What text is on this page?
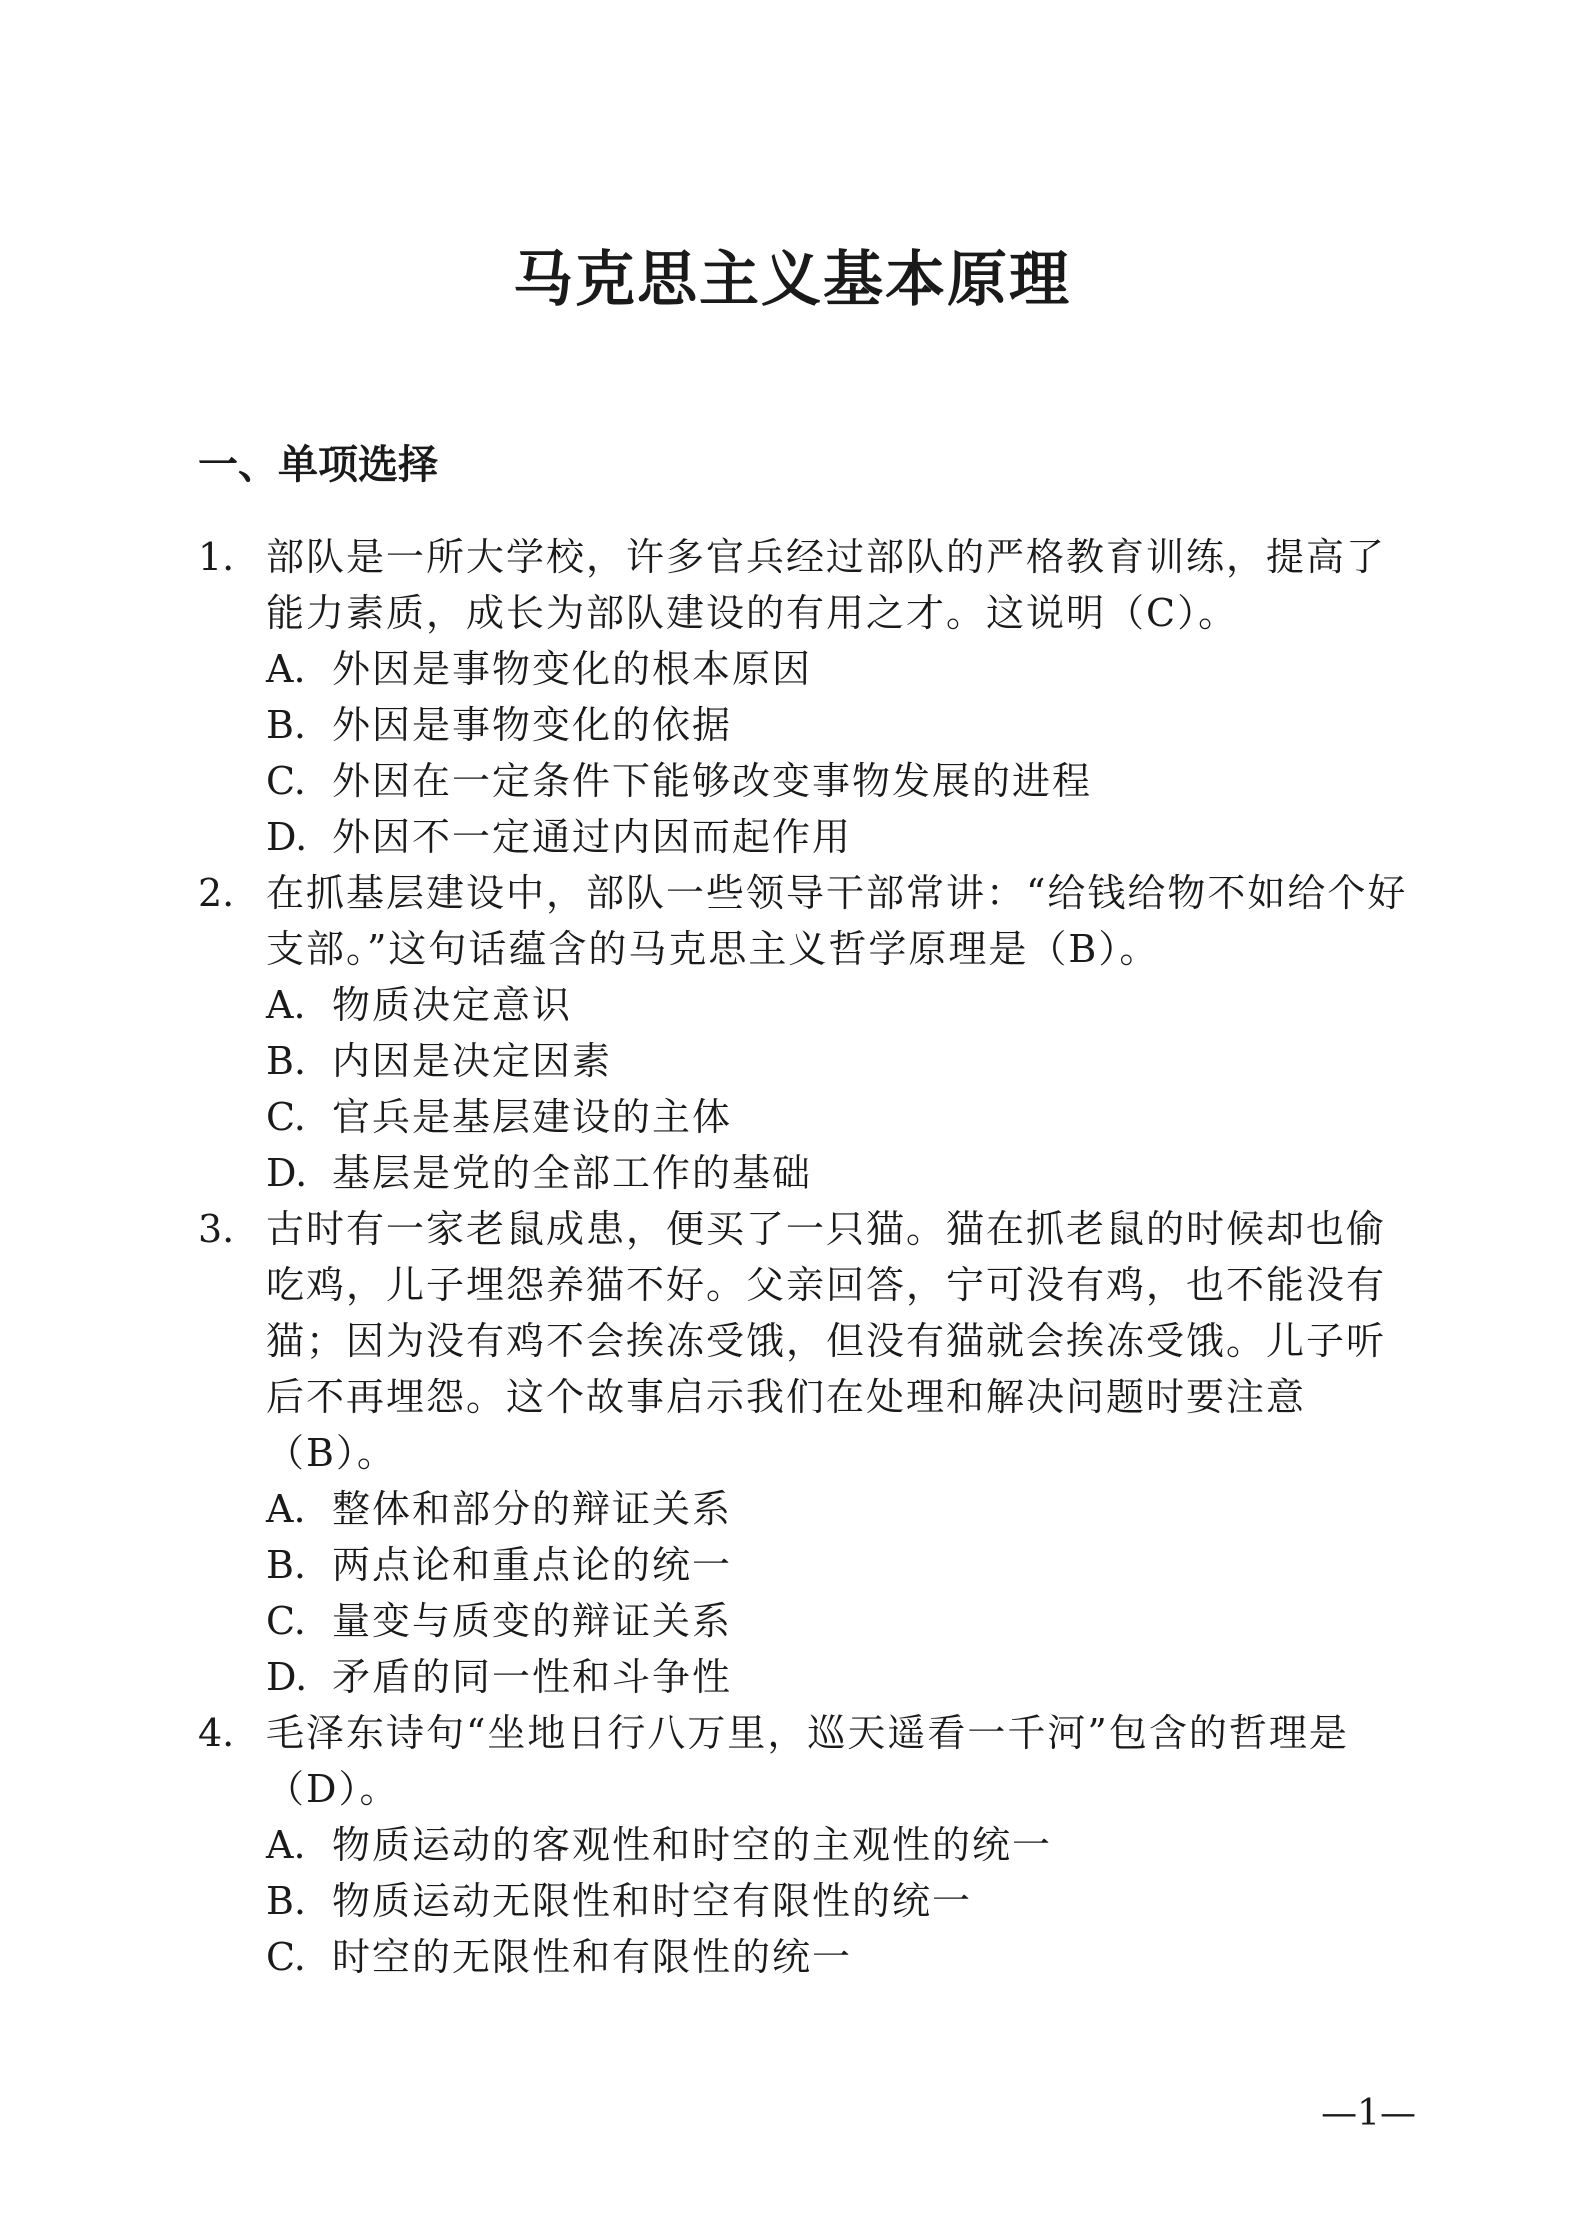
马克思主义基本原理
一、单项选择

1. 部队是一所大学校，许多官兵经过部队的严格教育训练，提高了能力素质，成长为部队建设的有用之才。这说明（C）。

A. 外因是事物变化的根本原因
B. 外因是事物变化的依据
C. 外因在一定条件下能够改变事物发展的进程
D. 外因不一定通过内因而起作用

2. 在抓基层建设中，部队一些领导干部常讲：“给钱给物不如给个好支部。”这句话蕴含的马克思主义哲学原理是（B）。

A. 物质决定意识
B. 内因是决定因素
C. 官兵是基层建设的主体
D. 基层是党的全部工作的基础

3. 古时有一家老鼠成患，便买了一只猫。猫在抓老鼠的时候却也偷吃鸡，儿子埋怨养猫不好。父亲回答，宁可没有鸡，也不能没有猫；因为没有鸡不会挨冻受饿，但没有猫就会挨冻受饿。儿子听后不再埋怨。这个故事启示我们在处理和解决问题时要注意（B）。

A. 整体和部分的辩证关系
B. 两点论和重点论的统一
C. 量变与质变的辩证关系
D. 矛盾的同一性和斗争性

4. 毛泽东诗句“坐地日行八万里，巡天遥看一千河”包含的哲理是（D）。

A. 物质运动的客观性和时空的主观性的统一
B. 物质运动无限性和时空有限性的统一
C. 时空的无限性和有限性的统一
—1—
